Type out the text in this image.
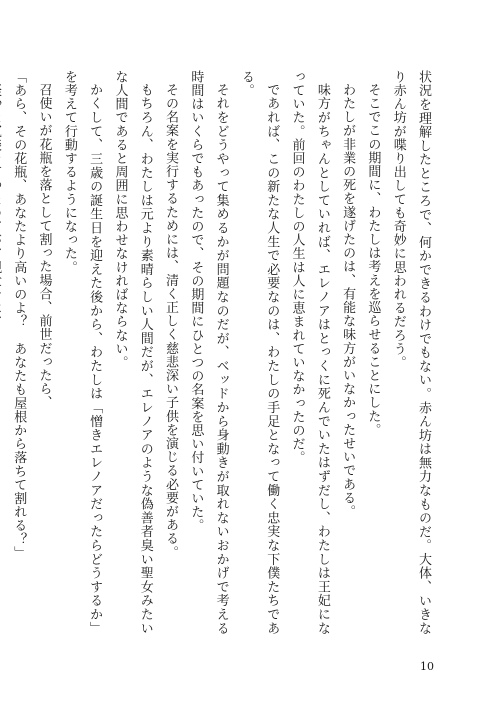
状況を理解したところで、何かできるわけでもない。赤ん坊は無力なものだ。大体、いきなり赤ん坊が喋り出しても奇妙に思われるだろう。

そこでこの期間に、わたしは考えを巡らせることにした。

わたしが非業の死を遂げたのは、有能な味方がいなかったせいである。

味方がちゃんとしていれば、エレノアはとっくに死んでいたはずだし、わたしは王妃になっていた。前回のわたしの人生は人に恵まれていなかったのだ。

であれば、この新たな人生で必要なのは、わたしの手足となって働く忠実な下僕たちである。

それをどうやって集めるかが問題なのだが、ベッドから身動きが取れないおかげで考える時間はいくらでもあったので、その期間にひとつの名案を思い付いていた。

その名案を実行するためには、清く正しく慈悲深い子供を演じる必要がある。

もちろん、わたしは元より素晴らしい人間だが、エレノアのような偽善者臭い聖女みたいな人間であると周囲に思わせなければならない。

かくして、三歳の誕生日を迎えた後から、わたしは「憎きエレノアだったらどうするか」を考えて行動するようになった。

召使いが花瓶を落として割った場合、前世だったら、

「あら、その花瓶、あなたより高いのよ？　あなたも屋根から落ちて割れる？」

10
